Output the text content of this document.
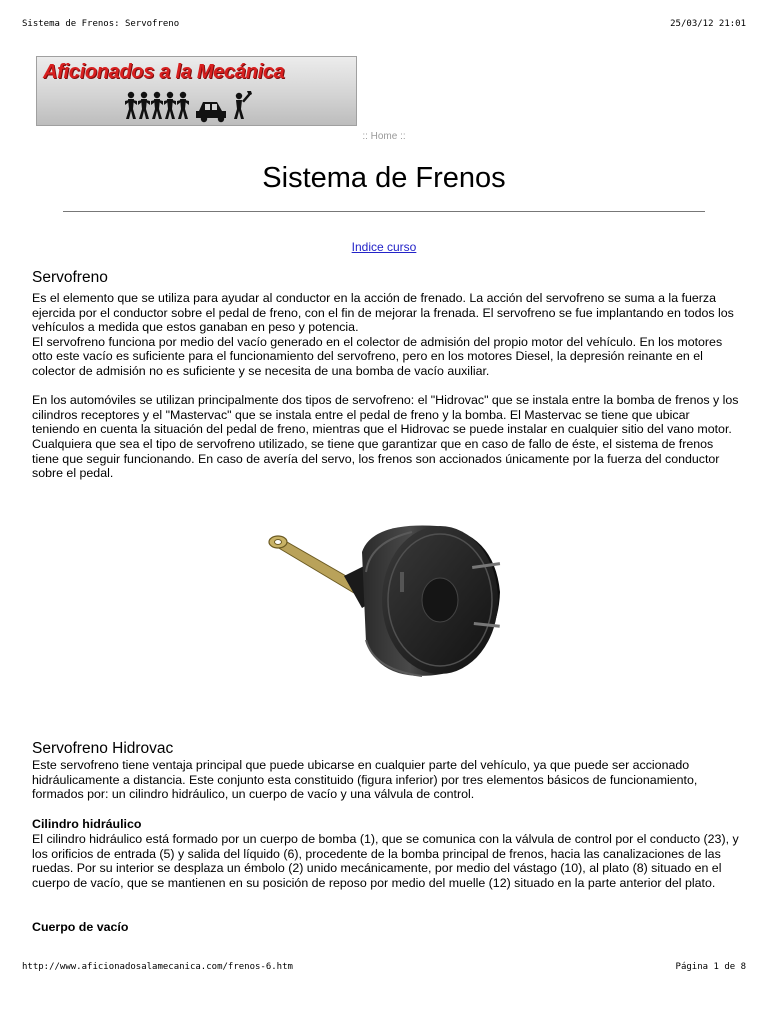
Sistema de Frenos: Servofreno	25/03/12 21:01
Aficionados a la Mecánica
:: Home ::
Sistema de Frenos
Indice curso
Servofreno

Es el elemento que se utiliza para ayudar al conductor en la acción de frenado. La acción del servofreno se suma a la fuerza ejercida por el conductor sobre el pedal de freno, con el fin de mejorar la frenada. El servofreno se fue implantando en todos los vehículos a medida que estos ganaban en peso y potencia.

El servofreno funciona por medio del vacío generado en el colector de admisión del propio motor del vehículo. En los motores otto este vacío es suficiente para el funcionamiento del servofreno, pero en los motores Diesel, la depresión reinante en el colector de admisión no es suficiente y se necesita de una bomba de vacío auxiliar.

En los automóviles se utilizan principalmente dos tipos de servofreno: el "Hidrovac" que se instala entre la bomba de frenos y los cilindros receptores y el "Mastervac" que se instala entre el pedal de freno y la bomba. El Mastervac se tiene que ubicar teniendo en cuenta la situación del pedal de freno, mientras que el Hidrovac se puede instalar en cualquier sitio del vano motor.

Cualquiera que sea el tipo de servofreno utilizado, se tiene que garantizar que en caso de fallo de éste, el sistema de frenos tiene que seguir funcionando. En caso de avería del servo, los frenos son accionados únicamente por la fuerza del conductor sobre el pedal.

Servofreno Hidrovac

Este servofreno tiene ventaja principal que puede ubicarse en cualquier parte del vehículo, ya que puede ser accionado hidráulicamente a distancia. Este conjunto esta constituido (figura inferior) por tres elementos básicos de funcionamiento, formados por: un cilindro hidráulico, un cuerpo de vacío y una válvula de control.

Cilindro hidráulico

El cilindro hidráulico está formado por un cuerpo de bomba (1), que se comunica con la válvula de control por el conducto (23), y los orificios de entrada (5) y salida del líquido (6), procedente de la bomba principal de frenos, hacia las canalizaciones de las ruedas. Por su interior se desplaza un émbolo (2) unido mecánicamente, por medio del vástago (10), al plato (8) situado en el cuerpo de vacío, que se mantienen en su posición de reposo por medio del muelle (12) situado en la parte anterior del plato.

Cuerpo de vacío
http://www.aficionadosalamecanica.com/frenos-6.htm	Página 1 de 8
